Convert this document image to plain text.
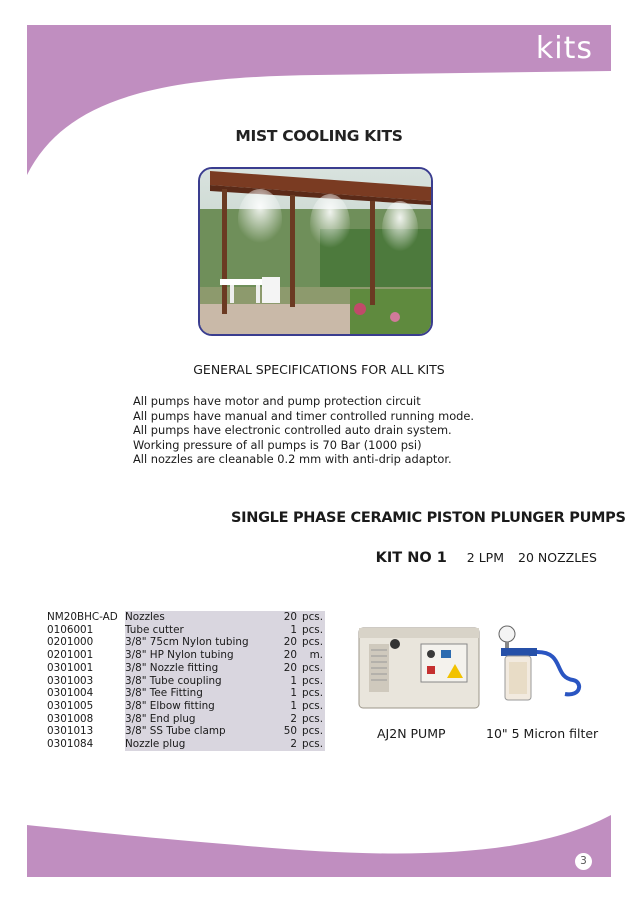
kits
MIST COOLING KITS
GENERAL SPECIFICATIONS FOR ALL KITS
All pumps have motor and pump protection circuit
All pumps have manual and timer controlled running mode.
All pumps have electronic controlled auto drain system.
Working pressure of all pumps is 70 Bar (1000 psi)
All nozzles are cleanable 0.2 mm with anti-drip adaptor.
SINGLE PHASE CERAMIC PISTON PLUNGER PUMPS
KIT NO 1 2 LPM 20 NOZZLES
NM20BHC-AD	Nozzles	20	pcs.
0106001	Tube cutter	1	pcs.
0201000	3/8" 75cm Nylon tubing	20	pcs.
0201001	3/8" HP Nylon tubing	20	m.
0301001	3/8" Nozzle fitting	20	pcs.
0301003	3/8" Tube coupling	1	pcs.
0301004	3/8" Tee Fitting	1	pcs.
0301005	3/8" Elbow fitting	1	pcs.
0301008	3/8" End plug	2	pcs.
0301013	3/8" SS Tube clamp	50	pcs.
0301084	Nozzle plug	2	pcs.
AJ2N PUMP	10" 5 Micron filter
3
